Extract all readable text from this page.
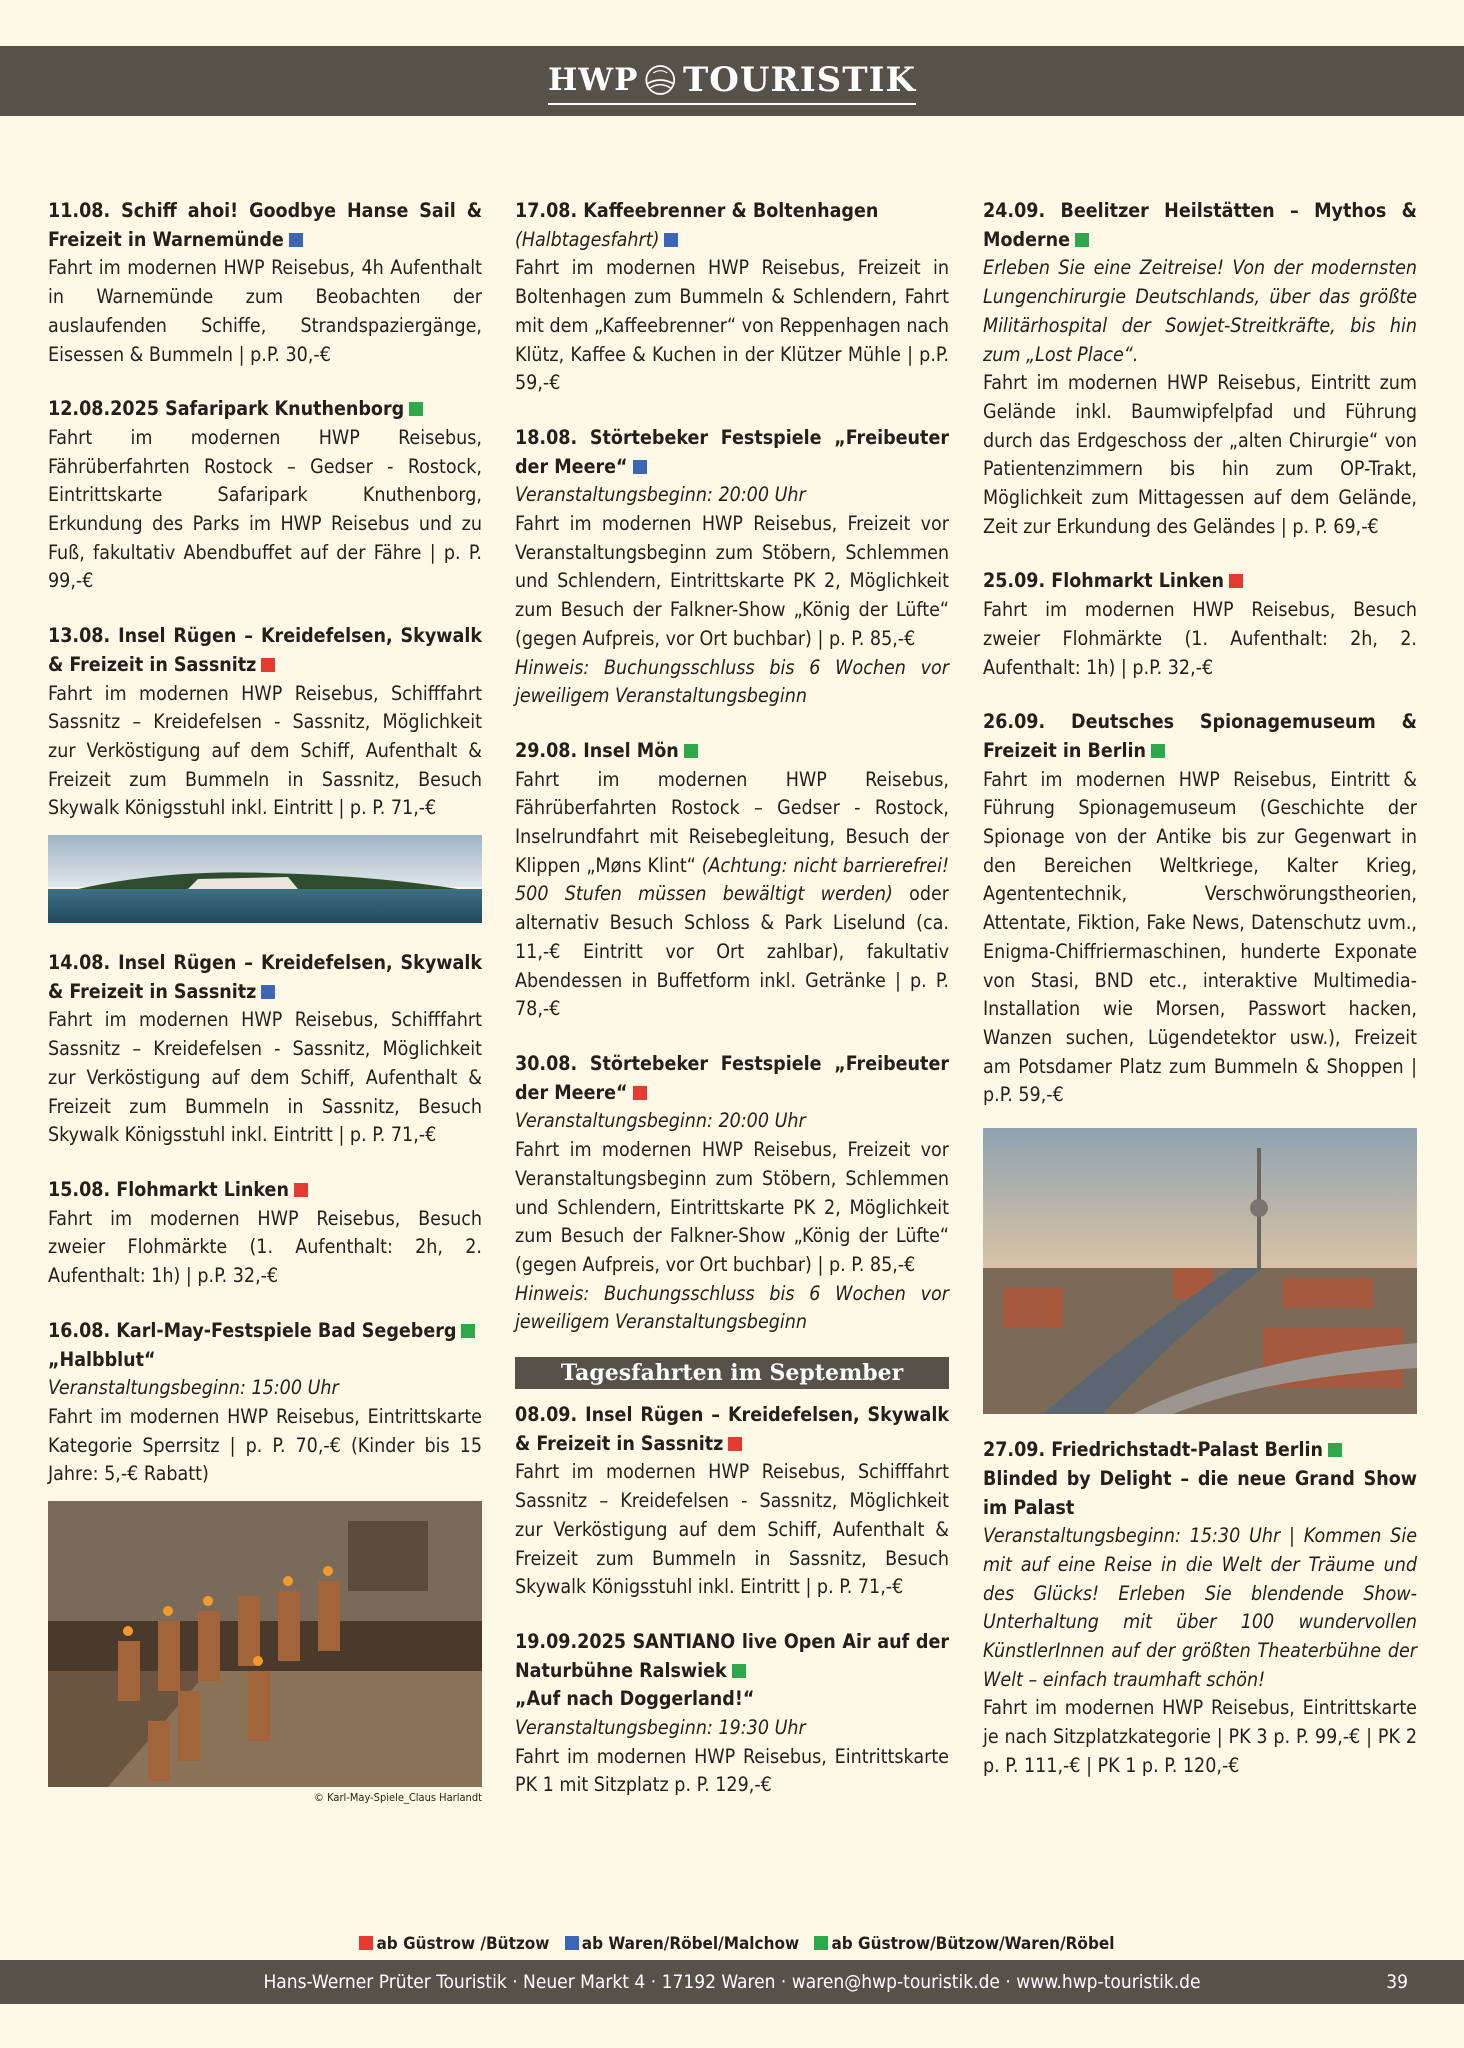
HWP TOURISTIK

11.08. Schiff ahoi! Goodbye Hanse Sail & Freizeit in Warnemünde

Fahrt im modernen HWP Reisebus, 4h Aufenthalt in Warnemünde zum Beobachten der auslaufenden Schiffe, Strandspaziergänge, Eisessen & Bummeln | p.P. 30,-€

12.08.2025 Safaripark Knuthenborg

Fahrt im modernen HWP Reisebus, Fährüberfahrten Rostock – Gedser - Rostock, Eintrittskarte Safaripark Knuthenborg, Erkundung des Parks im HWP Reisebus und zu Fuß, fakultativ Abendbuffet auf der Fähre | p. P. 99,-€

13.08. Insel Rügen – Kreidefelsen, Skywalk & Freizeit in Sassnitz

Fahrt im modernen HWP Reisebus, Schifffahrt Sassnitz – Kreidefelsen - Sassnitz, Möglichkeit zur Verköstigung auf dem Schiff, Aufenthalt & Freizeit zum Bummeln in Sassnitz, Besuch Skywalk Königsstuhl inkl. Eintritt | p. P. 71,-€

14.08. Insel Rügen – Kreidefelsen, Skywalk & Freizeit in Sassnitz

Fahrt im modernen HWP Reisebus, Schifffahrt Sassnitz – Kreidefelsen - Sassnitz, Möglichkeit zur Verköstigung auf dem Schiff, Aufenthalt & Freizeit zum Bummeln in Sassnitz, Besuch Skywalk Königsstuhl inkl. Eintritt | p. P. 71,-€

15.08. Flohmarkt Linken

Fahrt im modernen HWP Reisebus, Besuch zweier Flohmärkte (1. Aufenthalt: 2h, 2. Aufenthalt: 1h) | p.P. 32,-€

16.08. Karl-May-Festspiele Bad Segeberg

„Halbblut“

Veranstaltungsbeginn: 15:00 Uhr

Fahrt im modernen HWP Reisebus, Eintrittskarte Kategorie Sperrsitz | p. P. 70,-€ (Kinder bis 15 Jahre: 5,-€ Rabatt)

© Karl-May-Spiele_Claus Harlandt

17.08. Kaffeebrenner & Boltenhagen

(Halbtagesfahrt)

Fahrt im modernen HWP Reisebus, Freizeit in Boltenhagen zum Bummeln & Schlendern, Fahrt mit dem „Kaffeebrenner“ von Reppenhagen nach Klütz, Kaffee & Kuchen in der Klützer Mühle | p.P. 59,-€

18.08. Störtebeker Festspiele „Freibeuter der Meere“

Veranstaltungsbeginn: 20:00 Uhr

Fahrt im modernen HWP Reisebus, Freizeit vor Veranstaltungsbeginn zum Stöbern, Schlemmen und Schlendern, Eintrittskarte PK 2, Möglichkeit zum Besuch der Falkner-Show „König der Lüfte“ (gegen Aufpreis, vor Ort buchbar) | p. P. 85,-€

Hinweis: Buchungsschluss bis 6 Wochen vor jeweiligem Veranstaltungsbeginn

29.08. Insel Mön

Fahrt im modernen HWP Reisebus, Fährüberfahrten Rostock – Gedser - Rostock, Inselrundfahrt mit Reisebegleitung, Besuch der Klippen „Møns Klint“ (Achtung: nicht barrierefrei! 500 Stufen müssen bewältigt werden) oder alternativ Besuch Schloss & Park Liselund (ca. 11,-€ Eintritt vor Ort zahlbar), fakultativ Abendessen in Buffetform inkl. Getränke | p. P. 78,-€

30.08. Störtebeker Festspiele „Freibeuter der Meere“

Veranstaltungsbeginn: 20:00 Uhr

Fahrt im modernen HWP Reisebus, Freizeit vor Veranstaltungsbeginn zum Stöbern, Schlemmen und Schlendern, Eintrittskarte PK 2, Möglichkeit zum Besuch der Falkner-Show „König der Lüfte“ (gegen Aufpreis, vor Ort buchbar) | p. P. 85,-€

Hinweis: Buchungsschluss bis 6 Wochen vor jeweiligem Veranstaltungsbeginn

Tagesfahrten im September

08.09. Insel Rügen – Kreidefelsen, Skywalk & Freizeit in Sassnitz

Fahrt im modernen HWP Reisebus, Schifffahrt Sassnitz – Kreidefelsen - Sassnitz, Möglichkeit zur Verköstigung auf dem Schiff, Aufenthalt & Freizeit zum Bummeln in Sassnitz, Besuch Skywalk Königsstuhl inkl. Eintritt | p. P. 71,-€

19.09.2025 SANTIANO live Open Air auf der Naturbühne Ralswiek

„Auf nach Doggerland!“

Veranstaltungsbeginn: 19:30 Uhr

Fahrt im modernen HWP Reisebus, Eintrittskarte PK 1 mit Sitzplatz p. P. 129,-€

24.09. Beelitzer Heilstätten – Mythos & Moderne

Erleben Sie eine Zeitreise! Von der modernsten Lungenchirurgie Deutschlands, über das größte Militärhospital der Sowjet-Streitkräfte, bis hin zum „Lost Place“.

Fahrt im modernen HWP Reisebus, Eintritt zum Gelände inkl. Baumwipfelpfad und Führung durch das Erdgeschoss der „alten Chirurgie“ von Patientenzimmern bis hin zum OP-Trakt, Möglichkeit zum Mittagessen auf dem Gelände, Zeit zur Erkundung des Geländes | p. P. 69,-€

25.09. Flohmarkt Linken

Fahrt im modernen HWP Reisebus, Besuch zweier Flohmärkte (1. Aufenthalt: 2h, 2. Aufenthalt: 1h) | p.P. 32,-€

26.09. Deutsches Spionagemuseum & Freizeit in Berlin

Fahrt im modernen HWP Reisebus, Eintritt & Führung Spionagemuseum (Geschichte der Spionage von der Antike bis zur Gegenwart in den Bereichen Weltkriege, Kalter Krieg, Agententechnik, Verschwörungstheorien, Attentate, Fiktion, Fake News, Datenschutz uvm., Enigma-Chiffriermaschinen, hunderte Exponate von Stasi, BND etc., interaktive Multimedia-Installation wie Morsen, Passwort hacken, Wanzen suchen, Lügendetektor usw.), Freizeit am Potsdamer Platz zum Bummeln & Shoppen | p.P. 59,-€

27.09. Friedrichstadt-Palast Berlin

Blinded by Delight – die neue Grand Show im Palast

Veranstaltungsbeginn: 15:30 Uhr | Kommen Sie mit auf eine Reise in die Welt der Träume und des Glücks! Erleben Sie blendende Show-Unterhaltung mit über 100 wundervollen KünstlerInnen auf der größten Theaterbühne der Welt – einfach traumhaft schön!

Fahrt im modernen HWP Reisebus, Eintrittskarte je nach Sitzplatzkategorie | PK 3 p. P. 99,-€ | PK 2 p. P. 111,-€ | PK 1 p. P. 120,-€

ab Güstrow /Bützow ab Waren/Röbel/Malchow ab Güstrow/Bützow/Waren/Röbel
Hans-Werner Prüter Touristik · Neuer Markt 4 · 17192 Waren · waren@hwp-touristik.de · www.hwp-touristik.de	39
